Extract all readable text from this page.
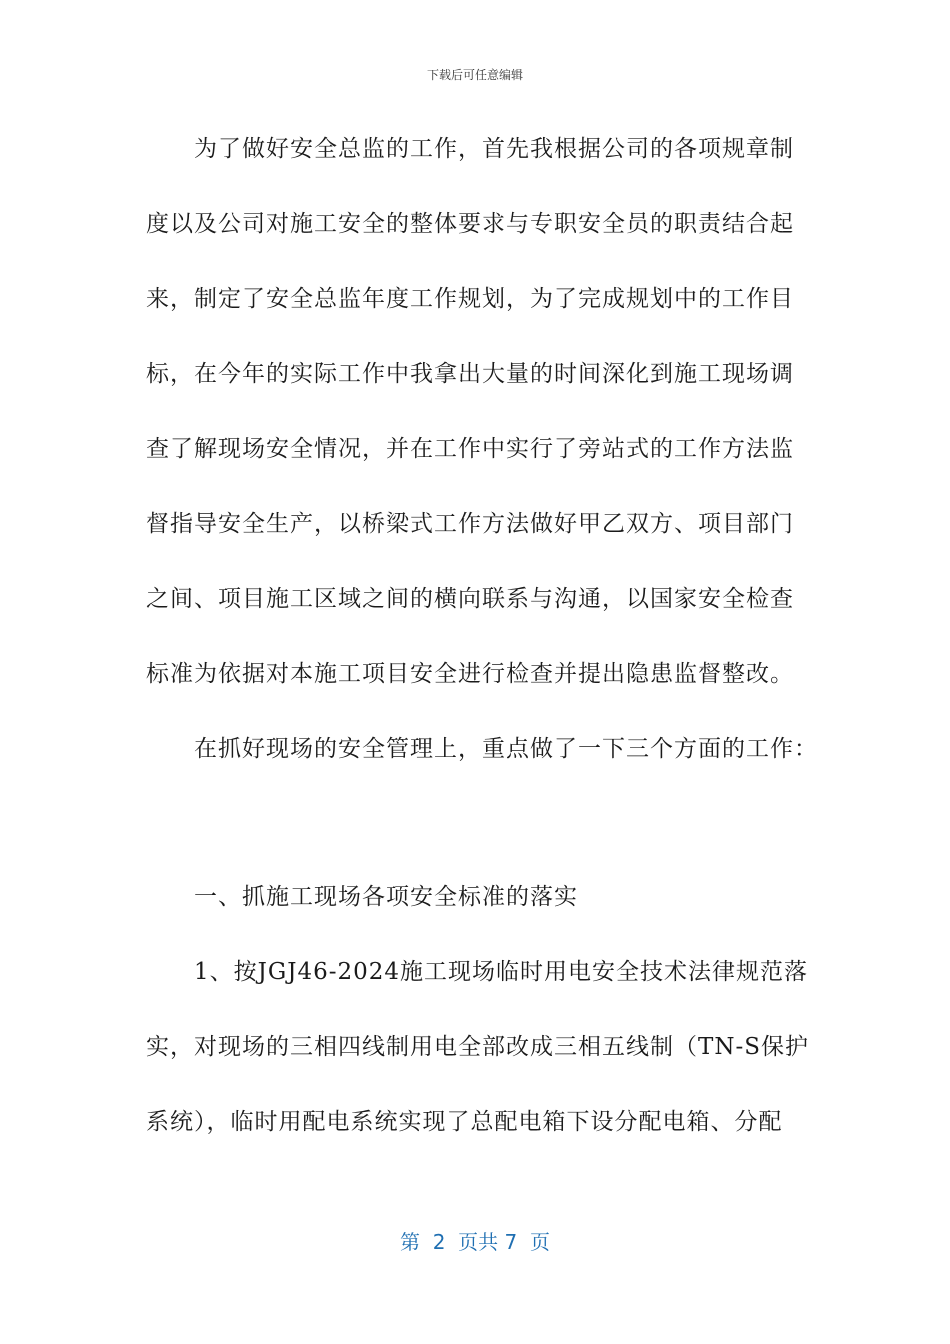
下载后可任意编辑
为了做好安全总监的工作，首先我根据公司的各项规章制
度以及公司对施工安全的整体要求与专职安全员的职责结合起
来，制定了安全总监年度工作规划，为了完成规划中的工作目
标，在今年的实际工作中我拿出大量的时间深化到施工现场调
查了解现场安全情况，并在工作中实行了旁站式的工作方法监
督指导安全生产，以桥梁式工作方法做好甲乙双方、项目部门
之间、项目施工区域之间的横向联系与沟通，以国家安全检查
标准为依据对本施工项目安全进行检查并提出隐患监督整改。
在抓好现场的安全管理上，重点做了一下三个方面的工作：
一、抓施工现场各项安全标准的落实
1、按JGJ46-2024施工现场临时用电安全技术法律规范落
实，对现场的三相四线制用电全部改成三相五线制（TN-S保护
系统），临时用配电系统实现了总配电箱下设分配电箱、分配
第  2  页共 7  页
